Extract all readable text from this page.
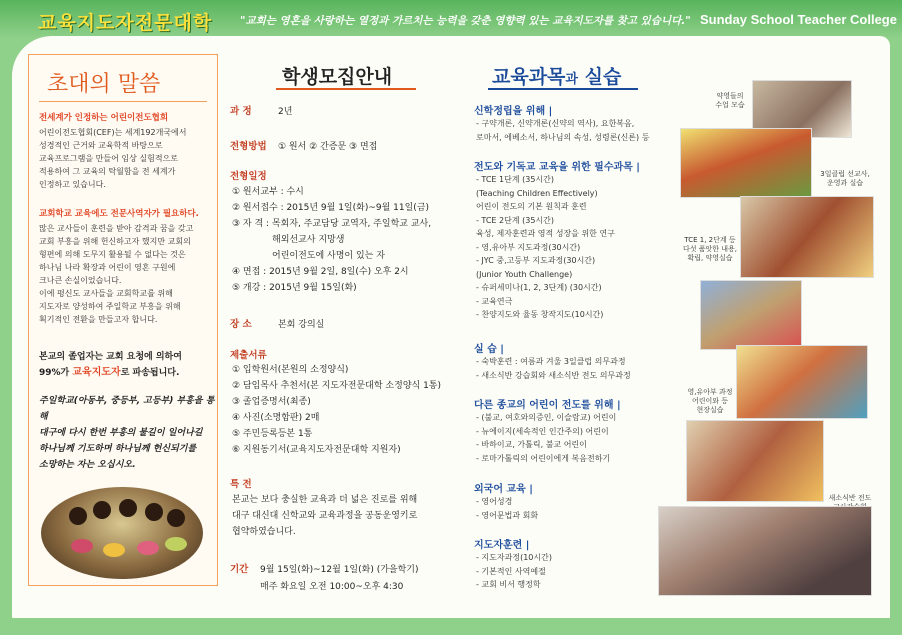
교육지도자전문대학	"교회는 영혼을 사랑하는 열정과 가르치는 능력을 갖춘 영향력 있는 교육지도자를 찾고 있습니다." Sunday School Teacher College
초대의 말씀
전세계가 인정하는 어린이전도협회
어린이전도협회(CEF)는 세계192개국에서
성경적인 근거와 교육학적 바탕으로
교육프로그램을 만들어 임상 실험적으로
적용하여 그 교육의 탁월함을 전 세계가
인정하고 있습니다.
교회학교 교육에도 전문사역자가 필요하다.
많은 교사들이 훈련을 받아 감격과 꿈을 갖고
교회 부흥을 위해 헌신하고자 했지만 교회의
형편에 의해 도무지 활용될 수 없다는 것은
하나님 나라 확장과 어린이 영혼 구원에
크나큰 손실이었습니다.
이에 평신도 교사들을 교회학교를 위해
지도자로 양성하여 주일학교 부흥을 위해
획기적인 전환을 만들고자 합니다.
본교의 졸업자는 교회 요청에 의하여
99%가 교육지도자로 파송됩니다.
주일학교(아동부, 중등부, 고등부) 부흥을 통해
대구에 다시 한번 부흥의 불길이 일어나길
하나님께 기도하며 하나님께 헌신되기를
소망하는 자는 오십시오.
학생모집안내
과 정	2년
전형방법 ① 원서 ② 간증문 ③ 면접
전형일정
① 원서교부 : 수시
② 원서접수 : 2015년 9월 1일(화)~9월 11일(금)
③ 자 격 : 목회자, 주교담당 교역자, 주일학교 교사,
해외선교사 지망생
어린이전도에 사명이 있는 자
④ 면접 : 2015년 9월 2일, 8일(수) 오후 2시
⑤ 개강 : 2015년 9월 15일(화)
장 소	본회 강의실
제출서류
① 입학원서(본원의 소정양식)
② 담임목사 추천서(본 지도자전문대학 소정양식 1통)
③ 졸업증명서(최종)
④ 사진(소명함판) 2매
⑤ 주민등록등본 1통
⑥ 지원동기서(교육지도자전문대학 지원자)
특 전
본교는 보다 충실한 교육과 더 넓은 진로를 위해
대구 대신대 신학교와 교육과정을 공동운영키로
협약하였습니다.
기간 9월 15일(화)~12월 1일(화) (가을학기)
매주 화요일 오전 10:00~오후 4:30
교육과목과 실습
신학정립을 위해 |
- 구약개론, 신약개론(신약의 역사), 요한복음,
로마서, 에베소서, 하나님의 속성, 성령론(신론) 등
전도와 기독교 교육을 위한 필수과목 |
- TCE 1단계 (35시간)
(Teaching Children Effectively)
어린이 전도의 기본 원칙과 훈련
- TCE 2단계 (35시간)
육성, 제자훈련과 영적 성장을 위한 연구
- 영,유아부 지도과정(30시간)
- JYC 중,고등부 지도과정(30시간)
(Junior Youth Challenge)
- 슈퍼세미나(1, 2, 3단계) (30시간)
- 교육연극
- 찬양지도와 율동 창작지도(10시간)
실 습 |
- 숙박훈련 : 여름과 겨울 3일클럽 의무과정
- 새소식반 강습회와 새소식반 전도 의무과정
다른 종교의 어린이 전도를 위해 |
- (불교, 여호와의증인, 이슬람교) 어린이
- 뉴에이지(세속적인 인간주의) 어린이
- 바하이교, 가톨릭, 불교 어린이
- 로마가톨릭의 어린이에게 복음전하기
외국어 교육 |
- 영어성경
- 영어문법과 회화
지도자훈련 |
- 지도자과정(10시간)
- 기본적인 사역예절
- 교회 비서 행정학
약영들의
수업 모습
3일클럽 선교사,
운영과 실습
TCE 1, 2단계 등
다섯 품앗한 내용,
확립, 약영실습
영,유아부 과정
어린이와 등
현장실습
새소식반 전도
